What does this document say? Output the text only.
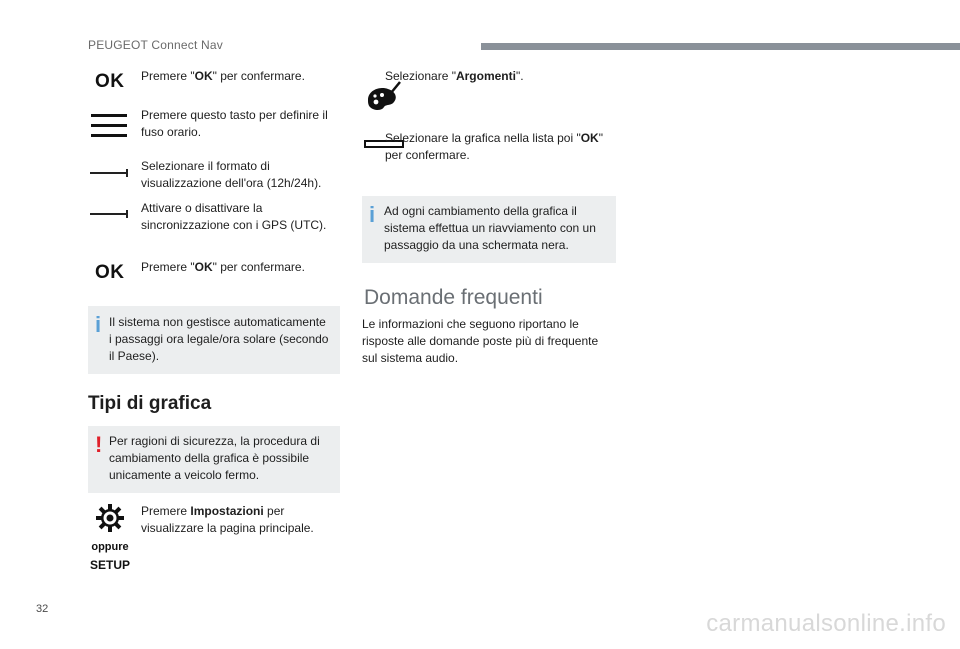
PEUGEOT Connect Nav
OK Premere "OK" per confermare.
Premere questo tasto per definire il fuso orario.
Selezionare il formato di visualizzazione dell'ora (12h/24h).
Attivare o disattivare la sincronizzazione con i GPS (UTC).
OK Premere "OK" per confermare.
i Il sistema non gestisce automaticamente i passaggi ora legale/ora solare (secondo il Paese).
Tipi di grafica
! Per ragioni di sicurezza, la procedura di cambiamento della grafica è possibile unicamente a veicolo fermo.
Premere Impostazioni per visualizzare la pagina principale.
oppure
SETUP
Selezionare "Argomenti".
Selezionare la grafica nella lista poi "OK" per confermare.
i Ad ogni cambiamento della grafica il sistema effettua un riavviamento con un passaggio da una schermata nera.
Domande frequenti
Le informazioni che seguono riportano le risposte alle domande poste più di frequente sul sistema audio.
32
carmanualsonline.info
